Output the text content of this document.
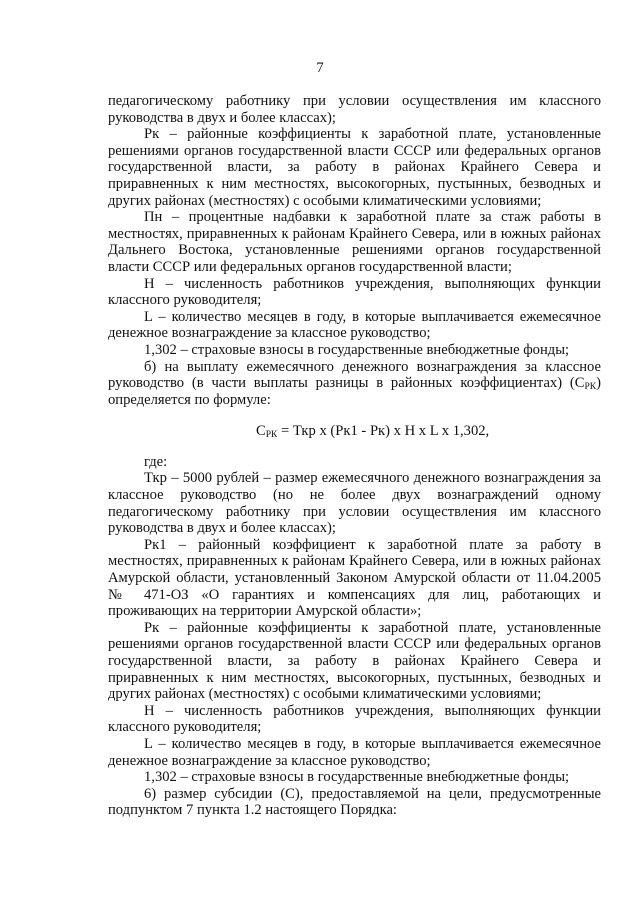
7

педагогическому работнику при условии осуществления им классного руководства в двух и более классах);

Рк – районные коэффициенты к заработной плате, установленные решениями органов государственной власти СССР или федеральных органов государственной власти, за работу в районах Крайнего Севера и приравненных к ним местностях, высокогорных, пустынных, безводных и других районах (местностях) с особыми климатическими условиями;

Пн – процентные надбавки к заработной плате за стаж работы в местностях, приравненных к районам Крайнего Севера, или в южных районах Дальнего Востока, установленные решениями органов государственной власти СССР или федеральных органов государственной власти;

Н – численность работников учреждения, выполняющих функции классного руководителя;

L – количество месяцев в году, в которые выплачивается ежемесячное денежное вознаграждение за классное руководство;

1,302 – страховые взносы в государственные внебюджетные фонды;

б) на выплату ежемесячного денежного вознаграждения за классное руководство (в части выплаты разницы в районных коэффициентах) $(С_{РК})$ определяется по формуле:

$С_{РК}$ = Ткр х (Рк1 - Рк) х Н х L х 1,302,

где:

Ткр – 5000 рублей – размер ежемесячного денежного вознаграждения за классное руководство (но не более двух вознаграждений одному педагогическому работнику при условии осуществления им классного руководства в двух и более классах);

Рк1 – районный коэффициент к заработной плате за работу в местностях, приравненных к районам Крайнего Севера, или в южных районах Амурской области, установленный Законом Амурской области от 11.04.2005 № 471-ОЗ «О гарантиях и компенсациях для лиц, работающих и проживающих на территории Амурской области»;

Рк – районные коэффициенты к заработной плате, установленные решениями органов государственной власти СССР или федеральных органов государственной власти, за работу в районах Крайнего Севера и приравненных к ним местностях, высокогорных, пустынных, безводных и других районах (местностях) с особыми климатическими условиями;

Н – численность работников учреждения, выполняющих функции классного руководителя;

L – количество месяцев в году, в которые выплачивается ежемесячное денежное вознаграждение за классное руководство;

1,302 – страховые взносы в государственные внебюджетные фонды;

6) размер субсидии (С), предоставляемой на цели, предусмотренные подпунктом 7 пункта 1.2 настоящего Порядка:
